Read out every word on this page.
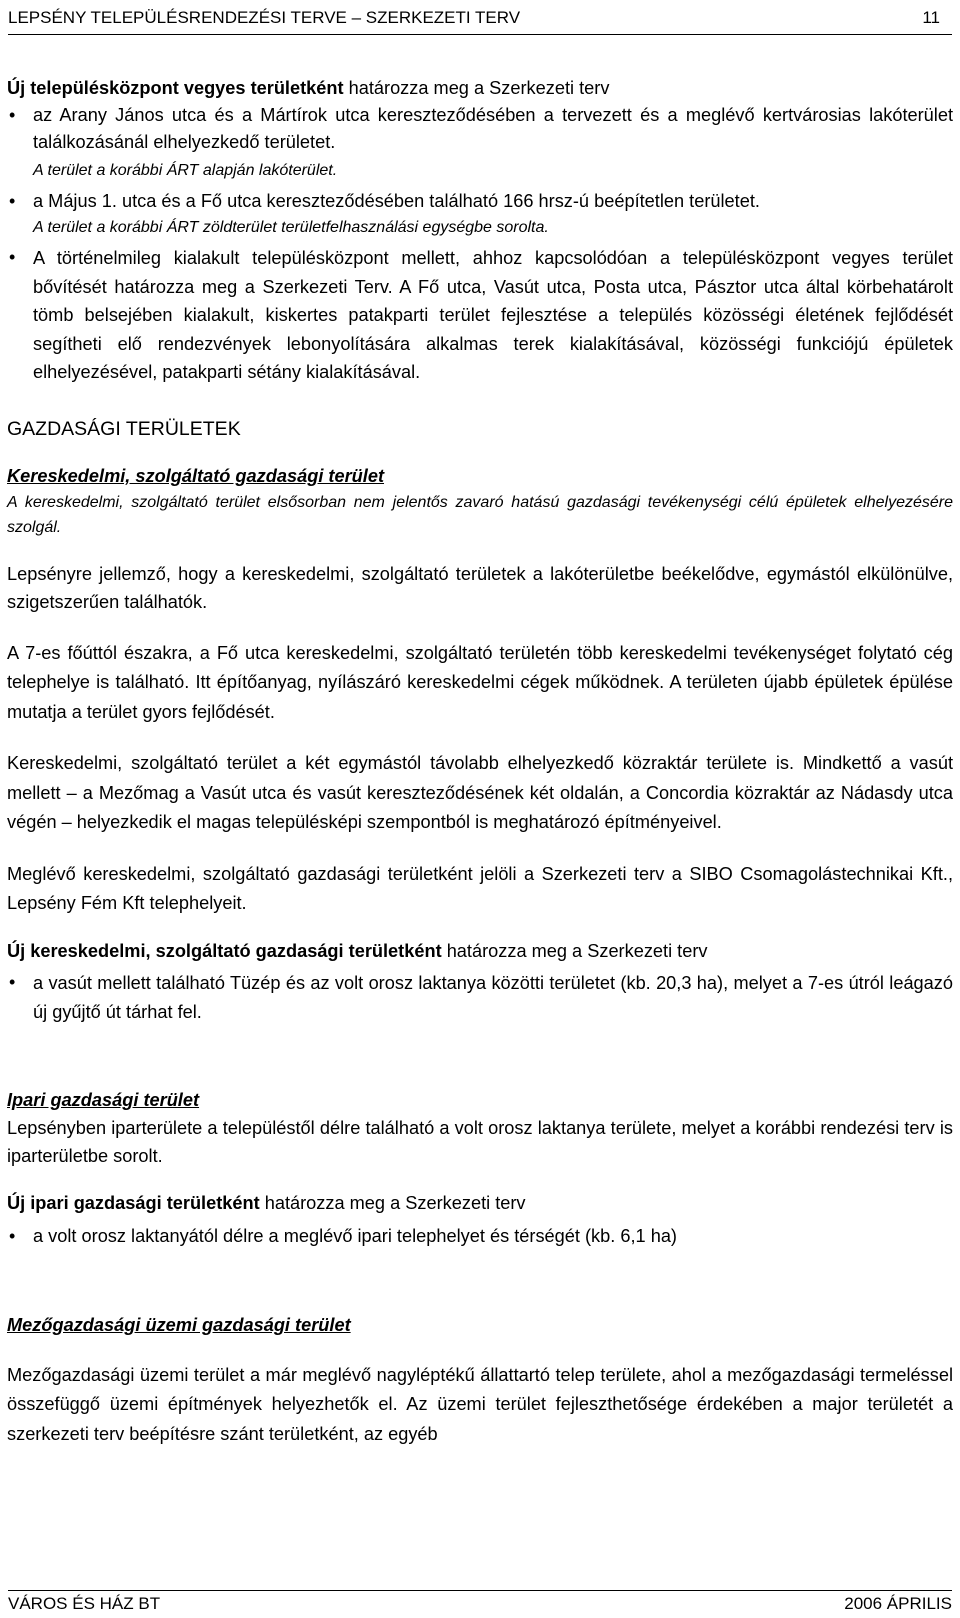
LEPSÉNY TELEPÜLÉSRENDEZÉSI TERVE – SZERKEZETI TERV	11

Új településközpont vegyes területként határozza meg a Szerkezeti terv

• az Arany János utca és a Mártírok utca kereszteződésében a tervezett és a meglévő kertvárosias lakóterület találkozásánál elhelyezkedő területet.
A terület a korábbi ÁRT alapján lakóterület.
• a Május 1. utca és a Fő utca kereszteződésében található 166 hrsz-ú beépítetlen területet.
A terület a korábbi ÁRT zöldterület területfelhasználási egységbe sorolta.
• A történelmileg kialakult településközpont mellett, ahhoz kapcsolódóan a településközpont vegyes terület bővítését határozza meg a Szerkezeti Terv. A Fő utca, Vasút utca, Posta utca, Pásztor utca által körbehatárolt tömb belsejében kialakult, kiskertes patakparti terület fejlesztése a település közösségi életének fejlődését segítheti elő rendezvények lebonyolítására alkalmas terek kialakításával, közösségi funkciójú épületek elhelyezésével, patakparti sétány kialakításával.

GAZDASÁGI TERÜLETEK

Kereskedelmi, szolgáltató gazdasági terület

A kereskedelmi, szolgáltató terület elsősorban nem jelentős zavaró hatású gazdasági tevékenységi célú épületek elhelyezésére szolgál.

Lepsényre jellemző, hogy a kereskedelmi, szolgáltató területek a lakóterületbe beékelődve, egymástól elkülönülve, szigetszerűen találhatók.

A 7-es főúttól északra, a Fő utca kereskedelmi, szolgáltató területén több kereskedelmi tevékenységet folytató cég telephelye is található. Itt építőanyag, nyílászáró kereskedelmi cégek működnek. A területen újabb épületek épülése mutatja a terület gyors fejlődését.

Kereskedelmi, szolgáltató terület a két egymástól távolabb elhelyezkedő közraktár területe is. Mindkettő a vasút mellett – a Mezőmag a Vasút utca és vasút kereszteződésének két oldalán, a Concordia közraktár az Nádasdy utca végén – helyezkedik el magas településképi szempontból is meghatározó építményeivel.

Meglévő kereskedelmi, szolgáltató gazdasági területként jelöli a Szerkezeti terv a SIBO Csomagolástechnikai Kft., Lepsény Fém Kft telephelyeit.

Új kereskedelmi, szolgáltató gazdasági területként határozza meg a Szerkezeti terv

• a vasút mellett található Tüzép és az volt orosz laktanya közötti területet (kb. 20,3 ha), melyet a 7-es útról leágazó új gyűjtő út tárhat fel.

Ipari gazdasági terület

Lepsényben iparterülete a településtől délre található a volt orosz laktanya területe, melyet a korábbi rendezési terv is iparterületbe sorolt.

Új ipari gazdasági területként határozza meg a Szerkezeti terv

• a volt orosz laktanyától délre a meglévő ipari telephelyet és térségét (kb. 6,1 ha)

Mezőgazdasági üzemi gazdasági terület

Mezőgazdasági üzemi terület a már meglévő nagyléptékű állattartó telep területe, ahol a mezőgazdasági termeléssel összefüggő üzemi építmények helyezhetők el. Az üzemi terület fejleszthetősége érdekében a major területét a szerkezeti terv beépítésre szánt területként, az egyéb

VÁROS ÉS HÁZ BT	2006 ÁPRILIS
